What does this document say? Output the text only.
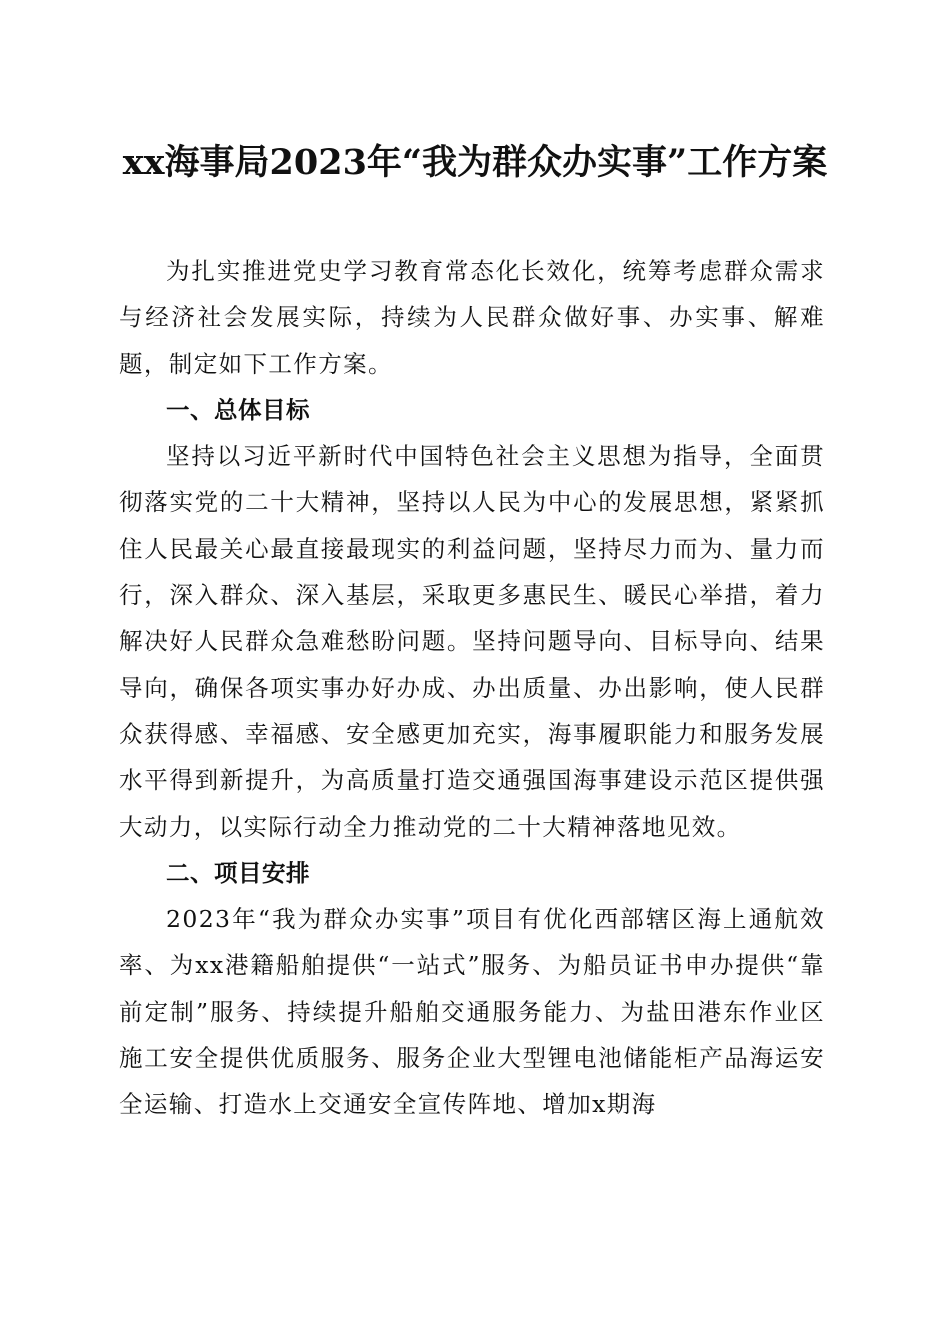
xx海事局2023年“我为群众办实事”工作方案

为扎实推进党史学习教育常态化长效化，统筹考虑群众需求与经济社会发展实际，持续为人民群众做好事、办实事、解难题，制定如下工作方案。

一、总体目标

坚持以习近平新时代中国特色社会主义思想为指导，全面贯彻落实党的二十大精神，坚持以人民为中心的发展思想，紧紧抓住人民最关心最直接最现实的利益问题，坚持尽力而为、量力而行，深入群众、深入基层，采取更多惠民生、暖民心举措，着力解决好人民群众急难愁盼问题。坚持问题导向、目标导向、结果导向，确保各项实事办好办成、办出质量、办出影响，使人民群众获得感、幸福感、安全感更加充实，海事履职能力和服务发展水平得到新提升，为高质量打造交通强国海事建设示范区提供强大动力，以实际行动全力推动党的二十大精神落地见效。

二、项目安排

2023年“我为群众办实事”项目有优化西部辖区海上通航效率、为xx港籍船舶提供“一站式”服务、为船员证书申办提供“靠前定制”服务、持续提升船舶交通服务能力、为盐田港东作业区施工安全提供优质服务、服务企业大型锂电池储能柜产品海运安全运输、打造水上交通安全宣传阵地、增加x期海
